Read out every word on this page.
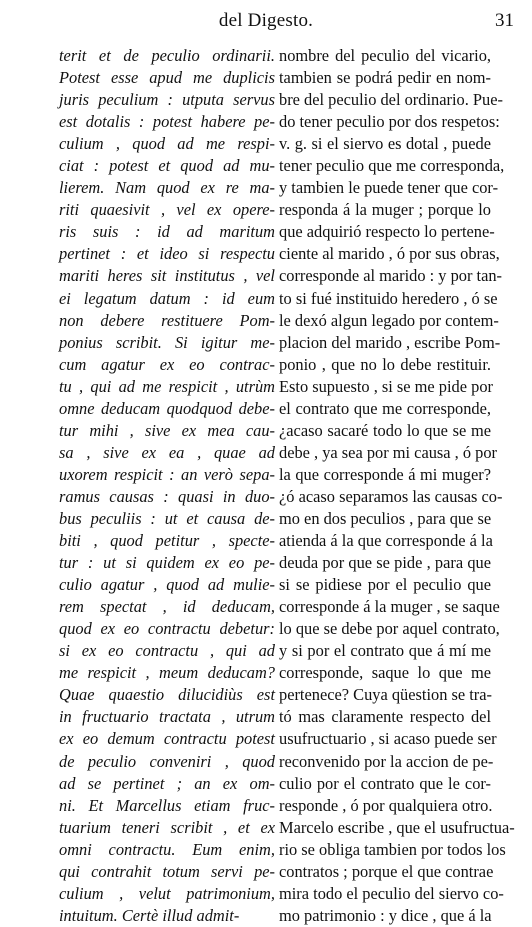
del Digesto.	31
terit et de peculio ordinarii.
Potest esse apud me duplicis
juris peculium : utputa servus
est dotalis : potest habere pe-
culium , quod ad me respi-
ciat : potest et quod ad mu-
lierem. Nam quod ex re ma-
riti quaesivit , vel ex opere-
ris suis : id ad maritum
pertinet : et ideo si respectu
mariti heres sit institutus , vel
ei legatum datum : id eum
non debere restituere Pom-
ponius scribit. Si igitur me-
cum agatur ex eo contrac-
tu , qui ad me respicit , utrùm
omne deducam quodquod debe-
tur mihi , sive ex mea cau-
sa , sive ex ea , quae ad
uxorem respicit : an verò sepa-
ramus causas : quasi in duo-
bus peculiis : ut et causa de-
biti , quod petitur , specte-
tur : ut si quidem ex eo pe-
culio agatur , quod ad mulie-
rem spectat , id deducam,
quod ex eo contractu debetur:
si ex eo contractu , qui ad
me respicit , meum deducam?
Quae quaestio dilucidiùs est
in fructuario tractata , utrum
ex eo demum contractu potest
de peculio conveniri , quod
ad se pertinet ; an ex om-
ni. Et Marcellus etiam fruc-
tuarium teneri scribit , et ex
omni contractu. Eum enim,
qui contrahit totum servi pe-
culium , velut patrimonium,
intuitum. Certè illud admit-
nombre del peculio del vicario,
tambien se podrá pedir en nom-
bre del peculio del ordinario. Pue-
do tener peculio por dos respetos:
v. g. si el siervo es dotal , puede
tener peculio que me corresponda,
y tambien le puede tener que cor-
responda á la muger ; porque lo
que adquirió respecto lo pertene-
ciente al marido , ó por sus obras,
corresponde al marido : y por tan-
to si fué instituido heredero , ó se
le dexó algun legado por contem-
placion del marido , escribe Pom-
ponio , que no lo debe restituir.
Esto supuesto , si se me pide por
el contrato que me corresponde,
¿acaso sacaré todo lo que se me
debe , ya sea por mi causa , ó por
la que corresponde á mi muger?
¿ó acaso separamos las causas co-
mo en dos peculios , para que se
atienda á la que corresponde á la
deuda por que se pide , para que
si se pidiese por el peculio que
corresponde á la muger , se saque
lo que se debe por aquel contrato,
y si por el contrato que á mí me
corresponde, saque lo que me
pertenece? Cuya qüestion se tra-
tó mas claramente respecto del
usufructuario , si acaso puede ser
reconvenido por la accion de pe-
culio por el contrato que le cor-
responde , ó por qualquiera otro.
Marcelo escribe , que el usufructua-
rio se obliga tambien por todos los
contratos ; porque el que contrae
mira todo el peculio del siervo co-
mo patrimonio : y dice , que á la
